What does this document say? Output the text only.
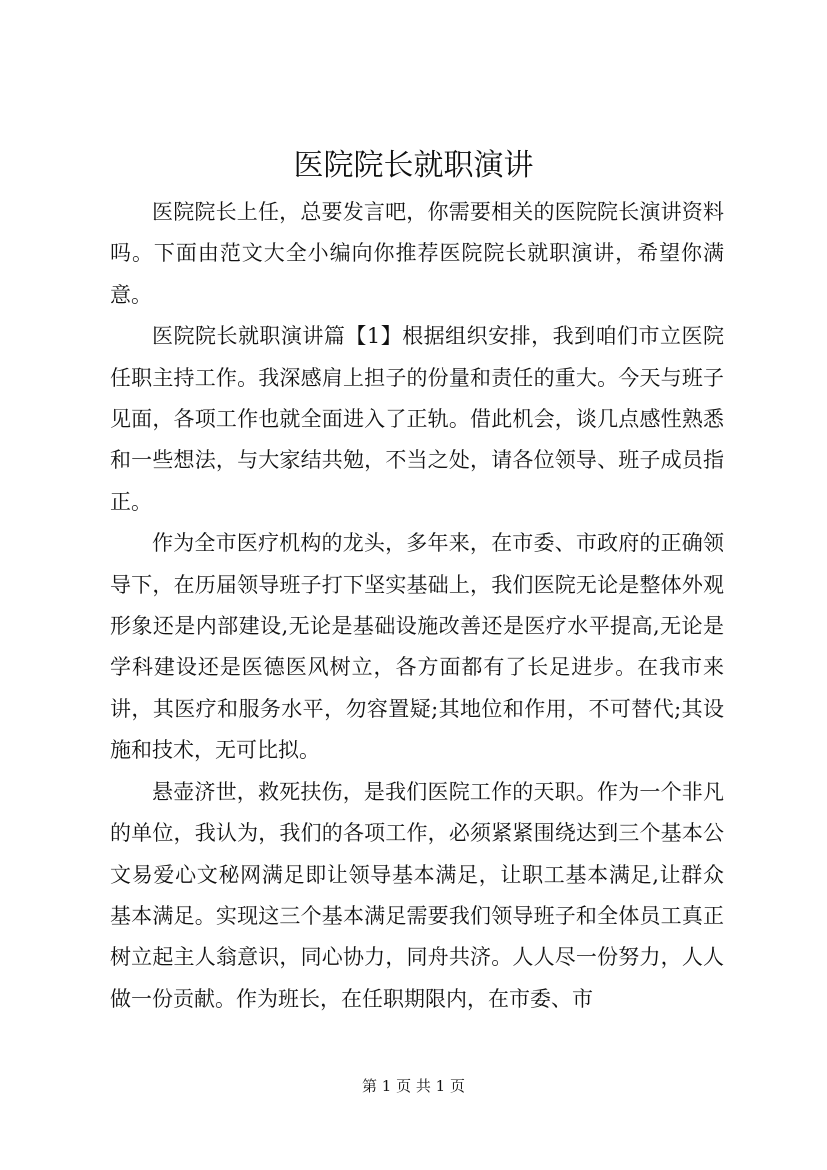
医院院长就职演讲

医院院长上任，总要发言吧，你需要相关的医院院长演讲资料吗。下面由范文大全小编向你推荐医院院长就职演讲，希望你满意。

医院院长就职演讲篇【1】根据组织安排，我到咱们市立医院任职主持工作。我深感肩上担子的份量和责任的重大。今天与班子见面，各项工作也就全面进入了正轨。借此机会，谈几点感性熟悉和一些想法，与大家结共勉，不当之处，请各位领导、班子成员指正。

作为全市医疗机构的龙头，多年来，在市委、市政府的正确领导下，在历届领导班子打下坚实基础上，我们医院无论是整体外观形象还是内部建设,无论是基础设施改善还是医疗水平提高,无论是学科建设还是医德医风树立，各方面都有了长足进步。在我市来讲，其医疗和服务水平，勿容置疑;其地位和作用，不可替代;其设施和技术，无可比拟。

悬壶济世，救死扶伤，是我们医院工作的天职。作为一个非凡的单位，我认为，我们的各项工作，必须紧紧围绕达到三个基本公文易爱心文秘网满足即让领导基本满足，让职工基本满足,让群众基本满足。实现这三个基本满足需要我们领导班子和全体员工真正树立起主人翁意识，同心协力，同舟共济。人人尽一份努力，人人做一份贡献。作为班长，在任职期限内，在市委、市

第 1 页 共 1 页
